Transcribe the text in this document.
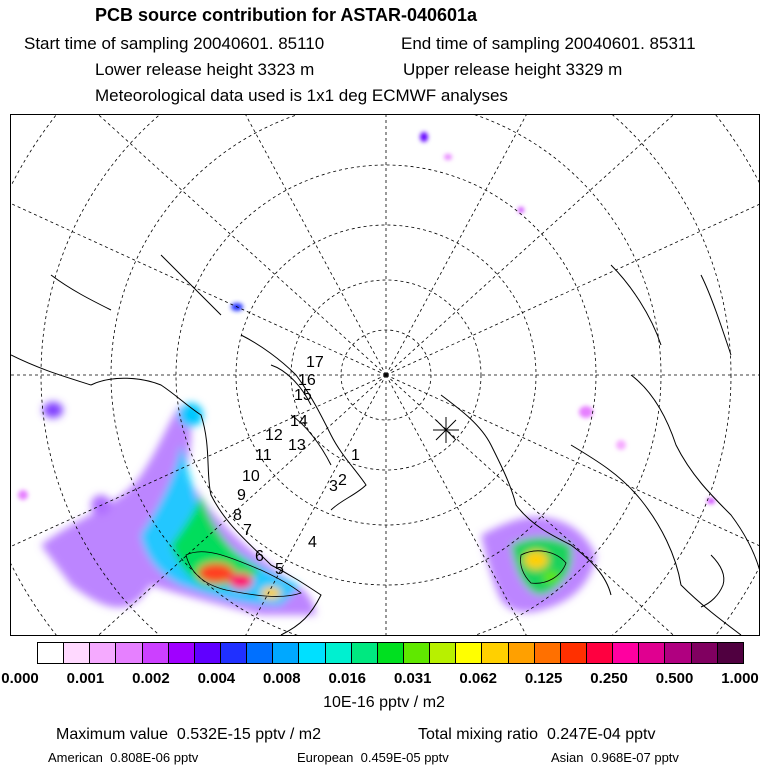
PCB source contribution for ASTAR-040601a
Start time of sampling 20040601. 85110	End time of sampling 20040601. 85311
Lower release height 3323 m	Upper release height 3329 m
Meteorological data used is 1x1 deg ECMWF analyses
1
2
3
4
5
6
7
8
9
10
11
12
13
14
15
16
17
0.000 0.001 0.002 0.004 0.008 0.016 0.031 0.062 0.125 0.250 0.500 1.000
10E-16 pptv / m2
Maximum value  0.532E-15 pptv / m2	Total mixing ratio  0.247E-04 pptv
American  0.808E-06 pptv	European  0.459E-05 pptv	Asian  0.968E-07 pptv
